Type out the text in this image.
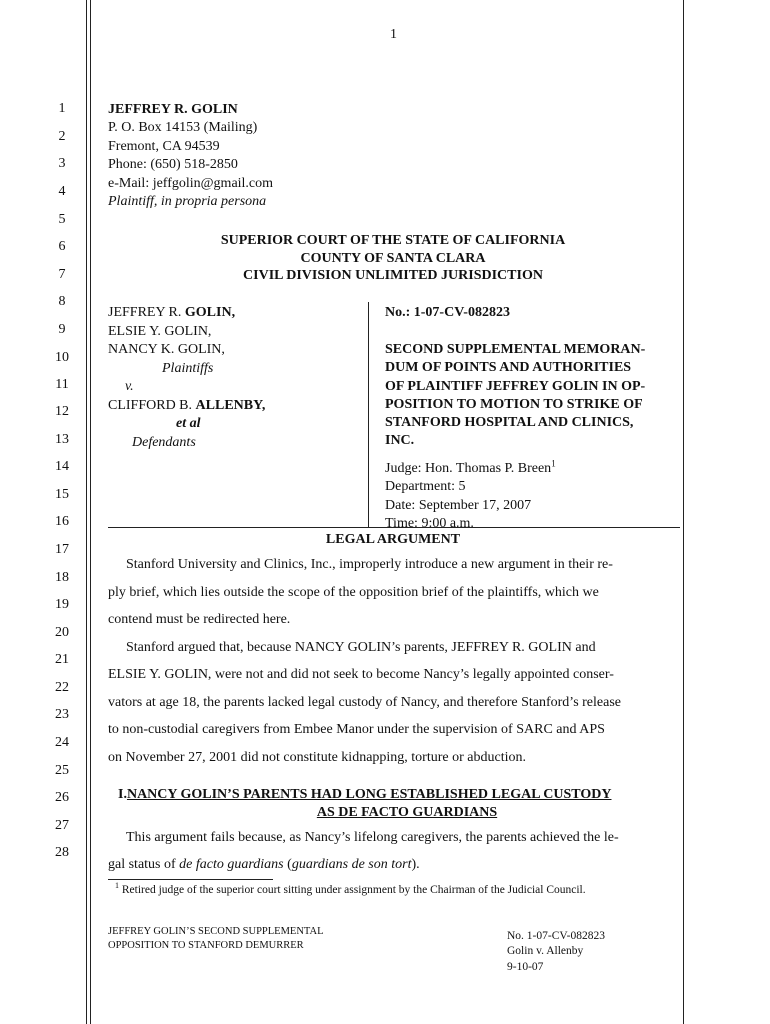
1
1
2
3
4
5
6
7
8
9
10
11
12
13
14
15
16
17
18
19
20
21
22
23
24
25
26
27
28
JEFFREY R. GOLIN
P. O. Box 14153 (Mailing)
Fremont, CA 94539
Phone: (650) 518-2850
e-Mail: jeffgolin@gmail.com
Plaintiff, in propria persona
SUPERIOR COURT OF THE STATE OF CALIFORNIA
COUNTY OF SANTA CLARA
CIVIL DIVISION UNLIMITED JURISDICTION
JEFFREY R. GOLIN,
ELSIE Y. GOLIN,
NANCY K. GOLIN,
Plaintiffs
v.
CLIFFORD B. ALLENBY,
et al
Defendants
No.: 1-07-CV-082823
SECOND SUPPLEMENTAL MEMORAN-
DUM OF POINTS AND AUTHORITIES
OF PLAINTIFF JEFFREY GOLIN IN OP-
POSITION TO MOTION TO STRIKE OF
STANFORD HOSPITAL AND CLINICS,
INC.
Judge: Hon. Thomas P. Breen$^1$
Department: 5
Date: September 17, 2007
Time: 9:00 a.m.
LEGAL ARGUMENT
Stanford University and Clinics, Inc., improperly introduce a new argument in their re-
ply brief, which lies outside the scope of the opposition brief of the plaintiffs, which we
contend must be redirected here.
Stanford argued that, because NANCY GOLIN’s parents, JEFFREY R. GOLIN and
ELSIE Y. GOLIN, were not and did not seek to become Nancy’s legally appointed conser-
vators at age 18, the parents lacked legal custody of Nancy, and therefore Stanford’s release
to non-custodial caregivers from Embee Manor under the supervision of SARC and APS
on November 27, 2001 did not constitute kidnapping, torture or abduction.
I.NANCY GOLIN’S PARENTS HAD LONG ESTABLISHED LEGAL CUSTODY
AS DE FACTO GUARDIANS
This argument fails because, as Nancy’s lifelong caregivers, the parents achieved the le-
gal status of de facto guardians (guardians de son tort).
$^1$ Retired judge of the superior court sitting under assignment by the Chairman of the Judicial Council.
JEFFREY GOLIN’S SECOND SUPPLEMENTAL
OPPOSITION TO STANFORD DEMURRER
No. 1-07-CV-082823
Golin v. Allenby
9-10-07
